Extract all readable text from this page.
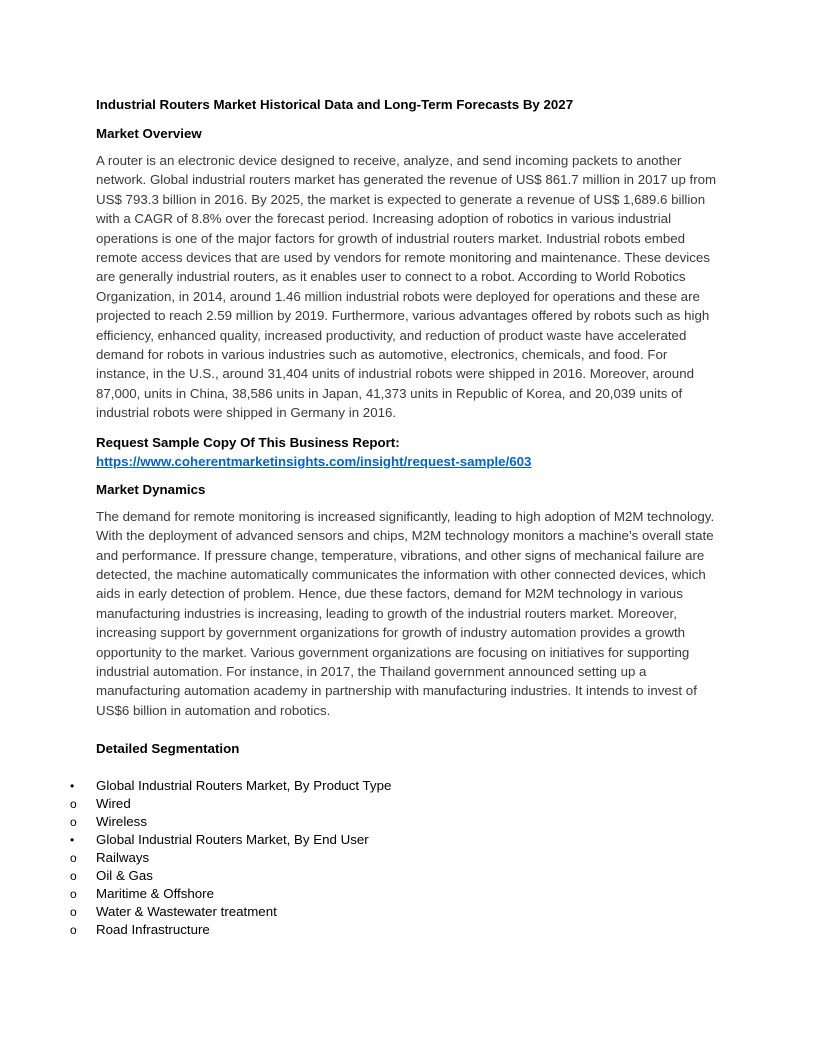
Industrial Routers Market Historical Data and Long-Term Forecasts By 2027
Market Overview

A router is an electronic device designed to receive, analyze, and send incoming packets to another network. Global industrial routers market has generated the revenue of US$ 861.7 million in 2017 up from US$ 793.3 billion in 2016. By 2025, the market is expected to generate a revenue of US$ 1,689.6 billion with a CAGR of 8.8% over the forecast period. Increasing adoption of robotics in various industrial operations is one of the major factors for growth of industrial routers market. Industrial robots embed remote access devices that are used by vendors for remote monitoring and maintenance. These devices are generally industrial routers, as it enables user to connect to a robot. According to World Robotics Organization, in 2014, around 1.46 million industrial robots were deployed for operations and these are projected to reach 2.59 million by 2019. Furthermore, various advantages offered by robots such as high efficiency, enhanced quality, increased productivity, and reduction of product waste have accelerated demand for robots in various industries such as automotive, electronics, chemicals, and food. For instance, in the U.S., around 31,404 units of industrial robots were shipped in 2016. Moreover, around 87,000, units in China, 38,586 units in Japan, 41,373 units in Republic of Korea, and 20,039 units of industrial robots were shipped in Germany in 2016.

Request Sample Copy Of This Business Report:
https://www.coherentmarketinsights.com/insight/request-sample/603
Market Dynamics

The demand for remote monitoring is increased significantly, leading to high adoption of M2M technology. With the deployment of advanced sensors and chips, M2M technology monitors a machine’s overall state and performance. If pressure change, temperature, vibrations, and other signs of mechanical failure are detected, the machine automatically communicates the information with other connected devices, which aids in early detection of problem. Hence, due these factors, demand for M2M technology in various manufacturing industries is increasing, leading to growth of the industrial routers market. Moreover, increasing support by government organizations for growth of industry automation provides a growth opportunity to the market. Various government organizations are focusing on initiatives for supporting industrial automation. For instance, in 2017, the Thailand government announced setting up a manufacturing automation academy in partnership with manufacturing industries. It intends to invest of US$6 billion in automation and robotics.

Detailed Segmentation
•	Global Industrial Routers Market, By Product Type
o	Wired
o	Wireless
•	Global Industrial Routers Market, By End User
o	Railways
o	Oil & Gas
o	Maritime & Offshore
o	Water & Wastewater treatment
o	Road Infrastructure
